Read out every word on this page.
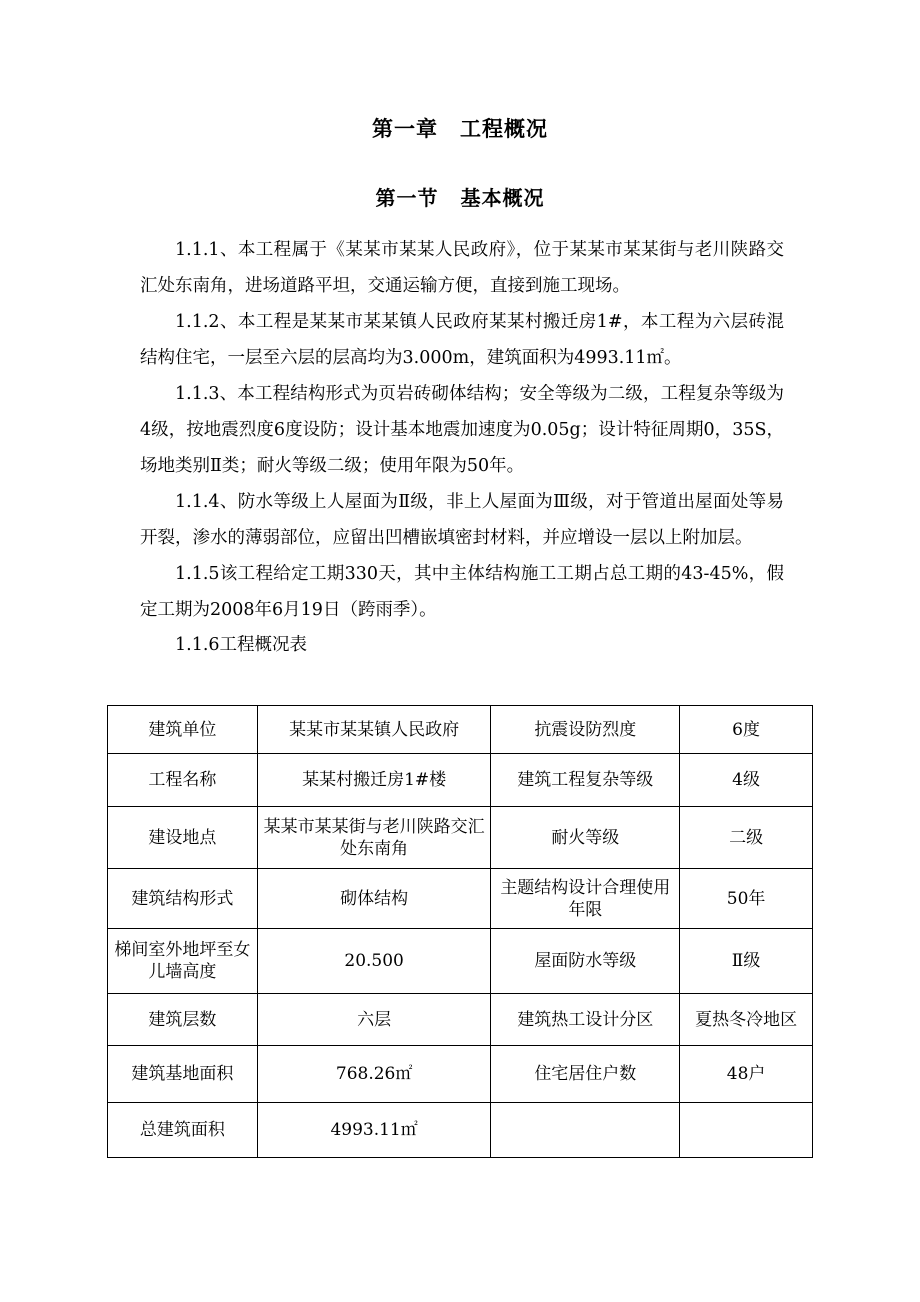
第一章 工程概况
第一节 基本概况

1.1.1、本工程属于《某某市某某人民政府》，位于某某市某某街与老川陕路交汇处东南角，进场道路平坦，交通运输方便，直接到施工现场。

1.1.2、本工程是某某市某某镇人民政府某某村搬迁房1#，本工程为六层砖混结构住宅，一层至六层的层高均为3.000m，建筑面积为4993.11㎡。

1.1.3、本工程结构形式为页岩砖砌体结构；安全等级为二级，工程复杂等级为4级，按地震烈度6度设防；设计基本地震加速度为0.05g；设计特征周期0，35S，场地类别Ⅱ类；耐火等级二级；使用年限为50年。

1.1.4、防水等级上人屋面为Ⅱ级，非上人屋面为Ⅲ级，对于管道出屋面处等易开裂，渗水的薄弱部位，应留出凹槽嵌填密封材料，并应增设一层以上附加层。

1.1.5该工程给定工期330天，其中主体结构施工工期占总工期的43-45%，假定工期为2008年6月19日（跨雨季）。

1.1.6工程概况表

建筑单位	某某市某某镇人民政府	抗震设防烈度	6度
工程名称	某某村搬迁房1#楼	建筑工程复杂等级	4级
建设地点	某某市某某街与老川陕路交汇处东南角	耐火等级	二级
建筑结构形式	砌体结构	主题结构设计合理使用年限	50年
梯间室外地坪至女儿墙高度	20.500	屋面防水等级	Ⅱ级
建筑层数	六层	建筑热工设计分区	夏热冬冷地区
建筑基地面积	768.26㎡	住宅居住户数	48户
总建筑面积	4993.11㎡		
